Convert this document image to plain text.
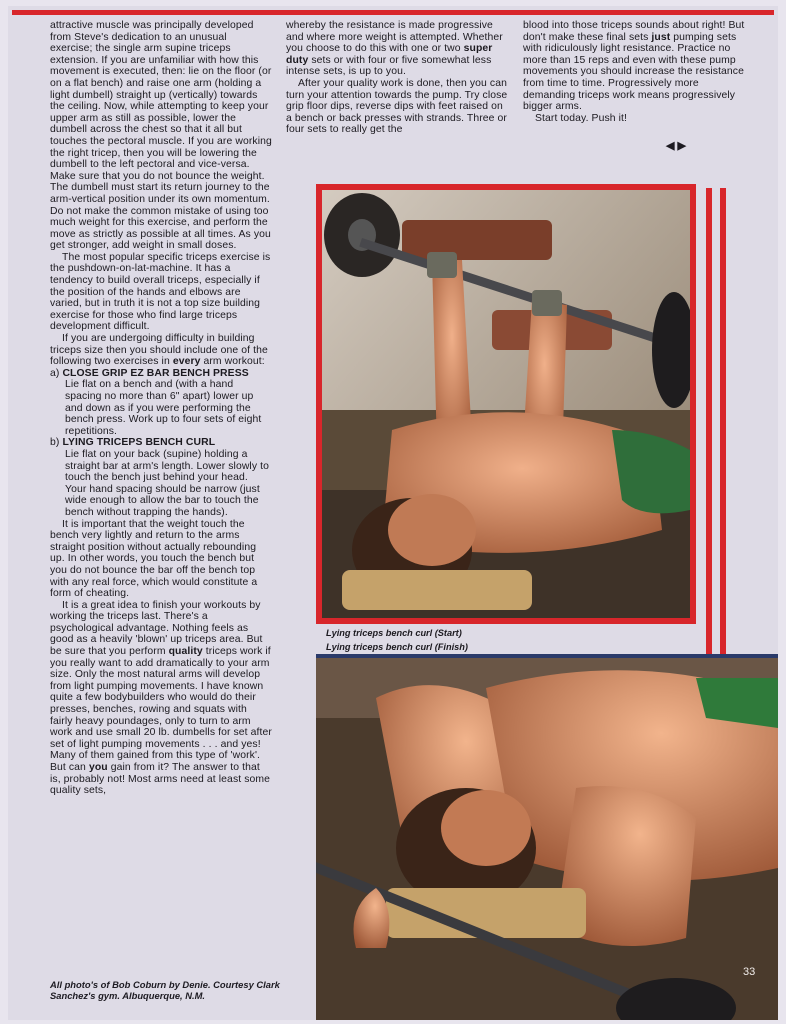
attractive muscle was principally developed from Steve's dedication to an unusual exercise; the single arm supine triceps extension. If you are unfamiliar with how this movement is executed, then: lie on the floor (or on a flat bench) and raise one arm (holding a light dumbell) straight up (vertically) towards the ceiling. Now, while attempting to keep your upper arm as still as possible, lower the dumbell across the chest so that it all but touches the pectoral muscle. If you are working the right tricep, then you will be lowering the dumbell to the left pectoral and vice-versa. Make sure that you do not bounce the weight. The dumbell must start its return journey to the arm-vertical position under its own momentum. Do not make the common mistake of using too much weight for this exercise, and perform the move as strictly as possible at all times. As you get stronger, add weight in small doses.

The most popular specific triceps exercise is the pushdown-on-lat-machine. It has a tendency to build overall triceps, especially if the position of the hands and elbows are varied, but in truth it is not a top size building exercise for those who find large triceps development difficult.

If you are undergoing difficulty in building triceps size then you should include one of the following two exercises in every arm workout:

a) CLOSE GRIP EZ BAR BENCH PRESS
Lie flat on a bench and (with a hand spacing no more than 6" apart) lower up and down as if you were performing the bench press. Work up to four sets of eight repetitions.
b) LYING TRICEPS BENCH CURL
Lie flat on your back (supine) holding a straight bar at arm's length. Lower slowly to touch the bench just behind your head. Your hand spacing should be narrow (just wide enough to allow the bar to touch the bench without trapping the hands).

It is important that the weight touch the bench very lightly and return to the arms straight position without actually rebounding up. In other words, you touch the bench but you do not bounce the bar off the bench top with any real force, which would constitute a form of cheating.

It is a great idea to finish your workouts by working the triceps last. There's a psychological advantage. Nothing feels as good as a heavily 'blown' up triceps area. But be sure that you perform quality triceps work if you really want to add dramatically to your arm size. Only the most natural arms will develop from light pumping movements. I have known quite a few bodybuilders who would do their presses, benches, rowing and squats with fairly heavy poundages, only to turn to arm work and use small 20 lb. dumbells for set after set of light pumping movements . . . and yes! Many of them gained from this type of 'work'. But can you gain from it? The answer to that is, probably not! Most arms need at least some quality sets,

whereby the resistance is made progressive and where more weight is attempted. Whether you choose to do this with one or two super duty sets or with four or five somewhat less intense sets, is up to you.

After your quality work is done, then you can turn your attention towards the pump. Try close grip floor dips, reverse dips with feet raised on a bench or back presses with strands. Three or four sets to really get the

blood into those triceps sounds about right! But don't make these final sets just pumping sets with ridiculously light resistance. Practice no more than 15 reps and even with these pump movements you should increase the resistance from time to time. Progressively more demanding triceps work means progressively bigger arms.

Start today. Push it!

◀ ▶
Lying triceps bench curl (Start)
Lying triceps bench curl (Finish)
33
All photo's of Bob Coburn by Denie. Courtesy Clark Sanchez's gym. Albuquerque, N.M.
